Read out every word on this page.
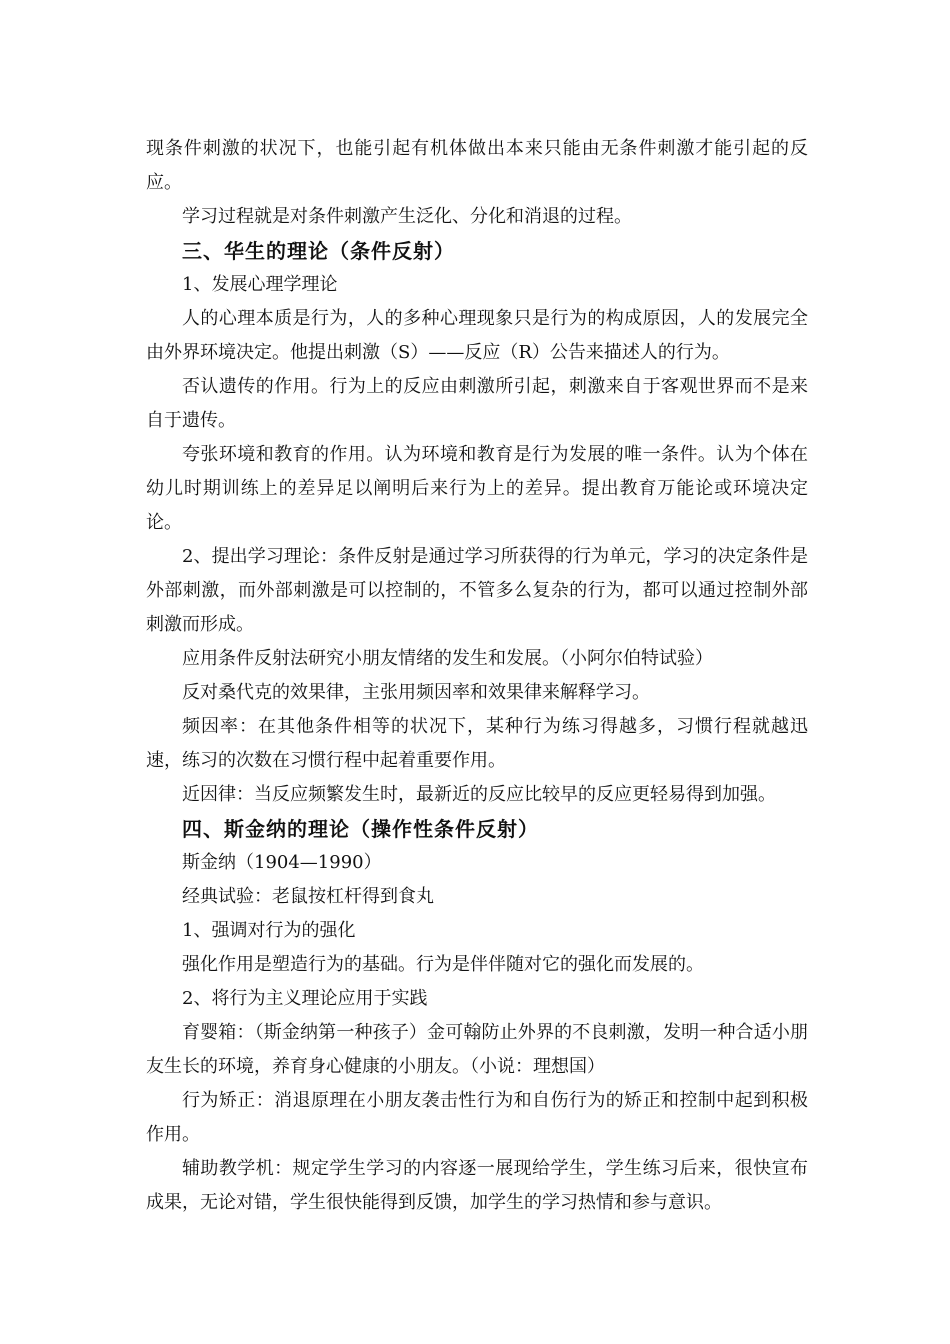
现条件刺激的状况下，也能引起有机体做出本来只能由无条件刺激才能引起的反应。

学习过程就是对条件刺激产生泛化、分化和消退的过程。

三、华生的理论（条件反射）

1、发展心理学理论

人的心理本质是行为，人的多种心理现象只是行为的构成原因，人的发展完全由外界环境决定。他提出刺激（S）——反应（R）公告来描述人的行为。

否认遗传的作用。行为上的反应由刺激所引起，刺激来自于客观世界而不是来自于遗传。

夸张环境和教育的作用。认为环境和教育是行为发展的唯一条件。认为个体在幼儿时期训练上的差异足以阐明后来行为上的差异。提出教育万能论或环境决定论。

2、提出学习理论：条件反射是通过学习所获得的行为单元，学习的决定条件是外部刺激，而外部刺激是可以控制的，不管多么复杂的行为，都可以通过控制外部刺激而形成。

应用条件反射法研究小朋友情绪的发生和发展。（小阿尔伯特试验）

反对桑代克的效果律，主张用频因率和效果律来解释学习。

频因率：在其他条件相等的状况下，某种行为练习得越多，习惯行程就越迅速，练习的次数在习惯行程中起着重要作用。

近因律：当反应频繁发生时，最新近的反应比较早的反应更轻易得到加强。

四、斯金纳的理论（操作性条件反射）

斯金纳（1904—1990）

经典试验：老鼠按杠杆得到食丸

1、强调对行为的强化

强化作用是塑造行为的基础。行为是伴伴随对它的强化而发展的。

2、将行为主义理论应用于实践

育婴箱：（斯金纳第一种孩子）金可翰防止外界的不良刺激，发明一种合适小朋友生长的环境，养育身心健康的小朋友。（小说：理想国）

行为矫正：消退原理在小朋友袭击性行为和自伤行为的矫正和控制中起到积极作用。

辅助教学机：规定学生学习的内容逐一展现给学生，学生练习后来，很快宣布成果，无论对错，学生很快能得到反馈，加学生的学习热情和参与意识。
